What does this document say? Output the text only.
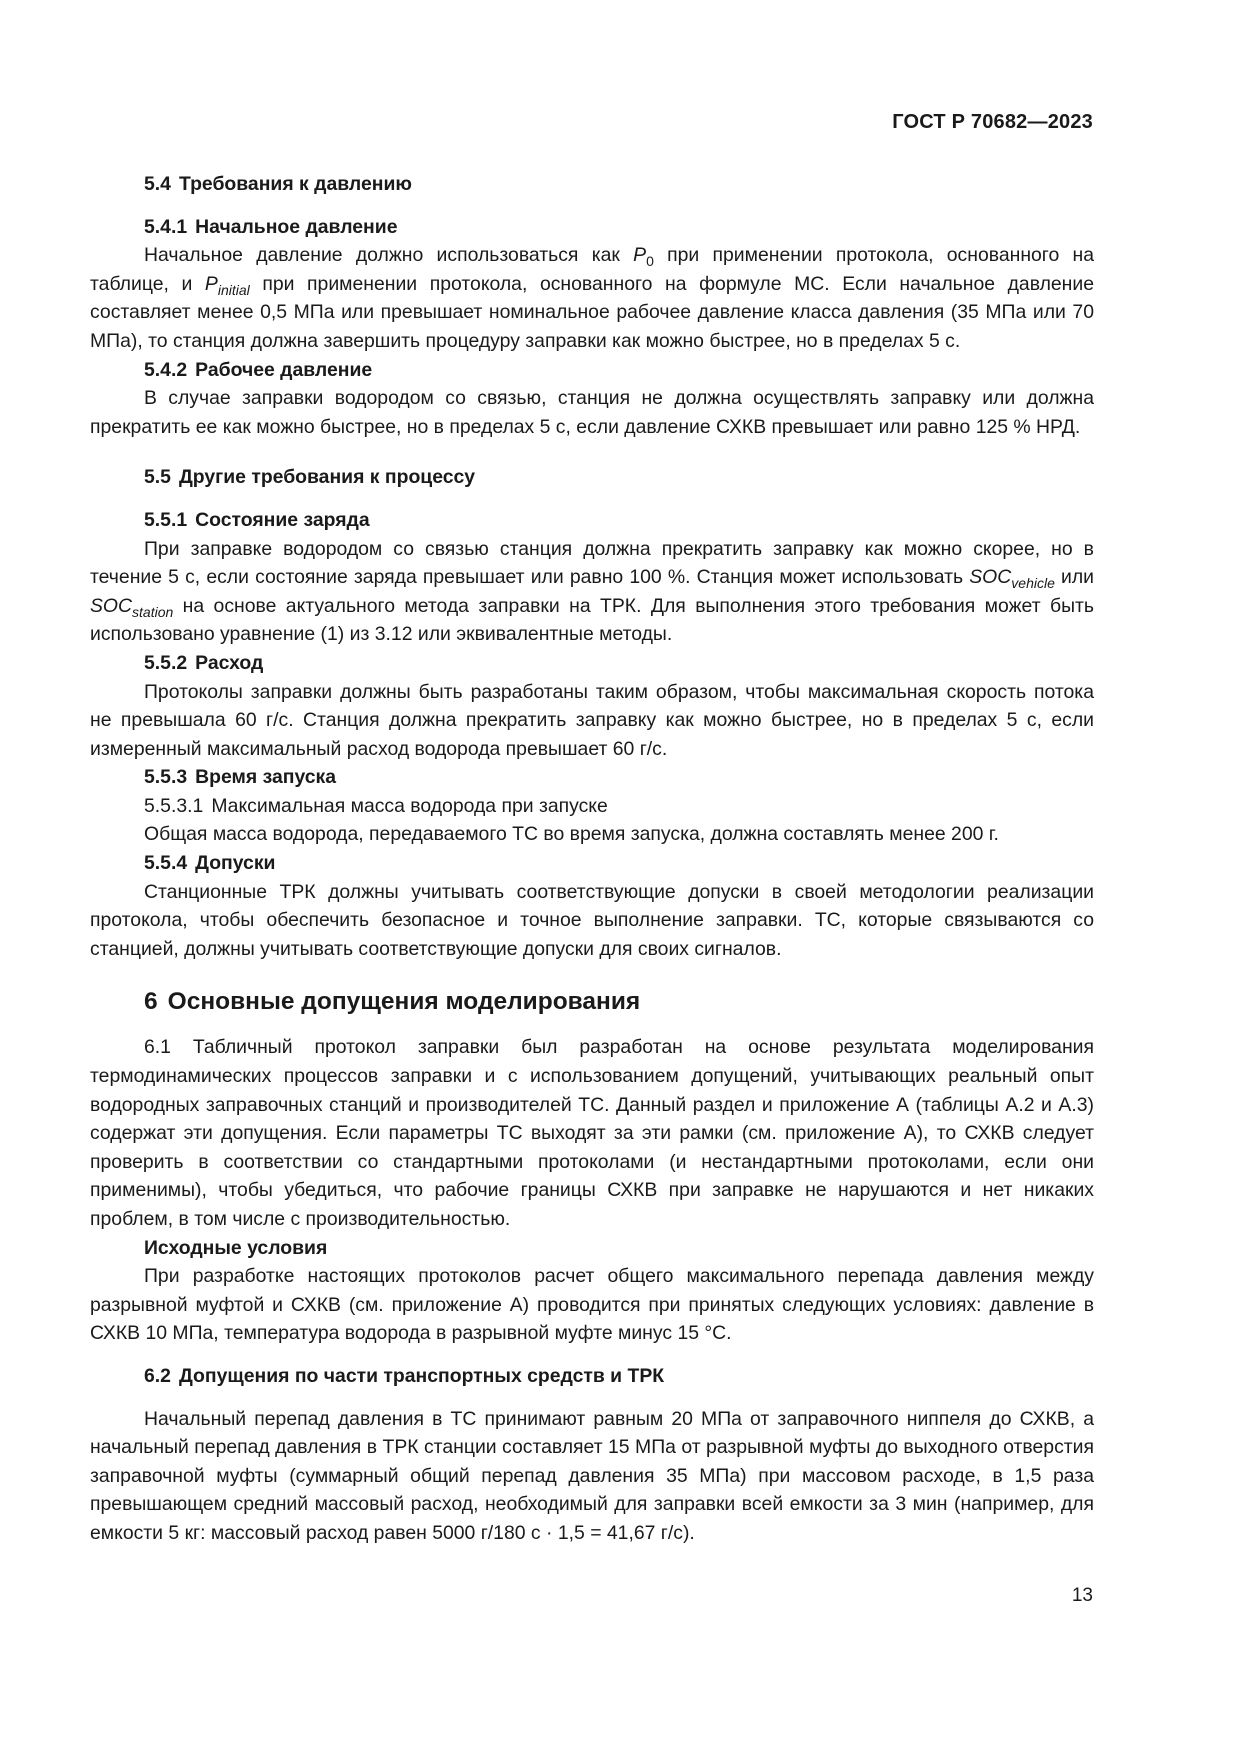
ГОСТ Р 70682—2023

5.4 Требования к давлению

5.4.1 Начальное давление

Начальное давление должно использоваться как $P_0$ при применении протокола, основанного на таблице, и $P_{initial}$ при применении протокола, основанного на формуле МС. Если начальное давление составляет менее 0,5 МПа или превышает номинальное рабочее давление класса давления (35 МПа или 70 МПа), то станция должна завершить процедуру заправки как можно быстрее, но в пределах 5 с.

5.4.2 Рабочее давление

В случае заправки водородом со связью, станция не должна осуществлять заправку или должна прекратить ее как можно быстрее, но в пределах 5 с, если давление СХКВ превышает или равно 125 % НРД.

5.5 Другие требования к процессу

5.5.1 Состояние заряда

При заправке водородом со связью станция должна прекратить заправку как можно скорее, но в течение 5 с, если состояние заряда превышает или равно 100 %. Станция может использовать $SOC_{vehicle}$ или $SOC_{station}$ на основе актуального метода заправки на ТРК. Для выполнения этого требования может быть использовано уравнение (1) из 3.12 или эквивалентные методы.

5.5.2 Расход

Протоколы заправки должны быть разработаны таким образом, чтобы максимальная скорость потока не превышала 60 г/с. Станция должна прекратить заправку как можно быстрее, но в пределах 5 с, если измеренный максимальный расход водорода превышает 60 г/с.

5.5.3 Время запуска

5.5.3.1 Максимальная масса водорода при запуске

Общая масса водорода, передаваемого ТС во время запуска, должна составлять менее 200 г.

5.5.4 Допуски

Станционные ТРК должны учитывать соответствующие допуски в своей методологии реализации протокола, чтобы обеспечить безопасное и точное выполнение заправки. ТС, которые связываются со станцией, должны учитывать соответствующие допуски для своих сигналов.

6 Основные допущения моделирования

6.1 Табличный протокол заправки был разработан на основе результата моделирования термодинамических процессов заправки и с использованием допущений, учитывающих реальный опыт водородных заправочных станций и производителей ТС. Данный раздел и приложение А (таблицы А.2 и А.3) содержат эти допущения. Если параметры ТС выходят за эти рамки (см. приложение А), то СХКВ следует проверить в соответствии со стандартными протоколами (и нестандартными протоколами, если они применимы), чтобы убедиться, что рабочие границы СХКВ при заправке не нарушаются и нет никаких проблем, в том числе с производительностью.

Исходные условия

При разработке настоящих протоколов расчет общего максимального перепада давления между разрывной муфтой и СХКВ (см. приложение А) проводится при принятых следующих условиях: давление в СХКВ 10 МПа, температура водорода в разрывной муфте минус 15 °С.

6.2 Допущения по части транспортных средств и ТРК

Начальный перепад давления в ТС принимают равным 20 МПа от заправочного ниппеля до СХКВ, а начальный перепад давления в ТРК станции составляет 15 МПа от разрывной муфты до выходного отверстия заправочной муфты (суммарный общий перепад давления 35 МПа) при массовом расходе, в 1,5 раза превышающем средний массовый расход, необходимый для заправки всей емкости за 3 мин (например, для емкости 5 кг: массовый расход равен 5000 г/180 с · 1,5 = 41,67 г/с).

13
